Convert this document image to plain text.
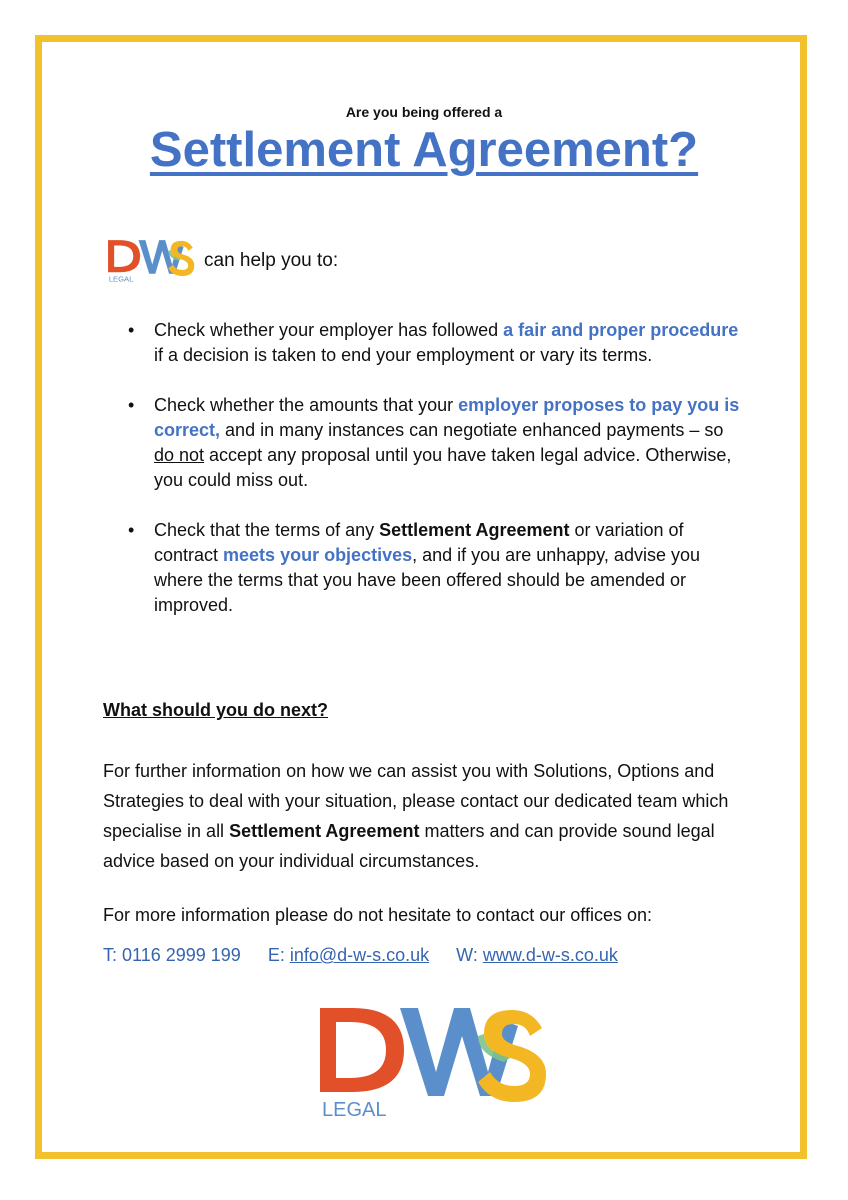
Are you being offered a
Settlement Agreement?
LEGAL
can help you to:
• Check whether your employer has followed a fair and proper procedure if a decision is taken to end your employment or vary its terms.
• Check whether the amounts that your employer proposes to pay you is correct, and in many instances can negotiate enhanced payments – so do not accept any proposal until you have taken legal advice. Otherwise, you could miss out.
• Check that the terms of any Settlement Agreement or variation of contract meets your objectives, and if you are unhappy, advise you where the terms that you have been offered should be amended or improved.
What should you do next?
For further information on how we can assist you with Solutions, Options and Strategies to deal with your situation, please contact our dedicated team which specialise in all Settlement Agreement matters and can provide sound legal advice based on your individual circumstances.
For more information please do not hesitate to contact our offices on:
T: 0116 2999 199 E: info@d-w-s.co.uk W: www.d-w-s.co.uk
LEGAL
